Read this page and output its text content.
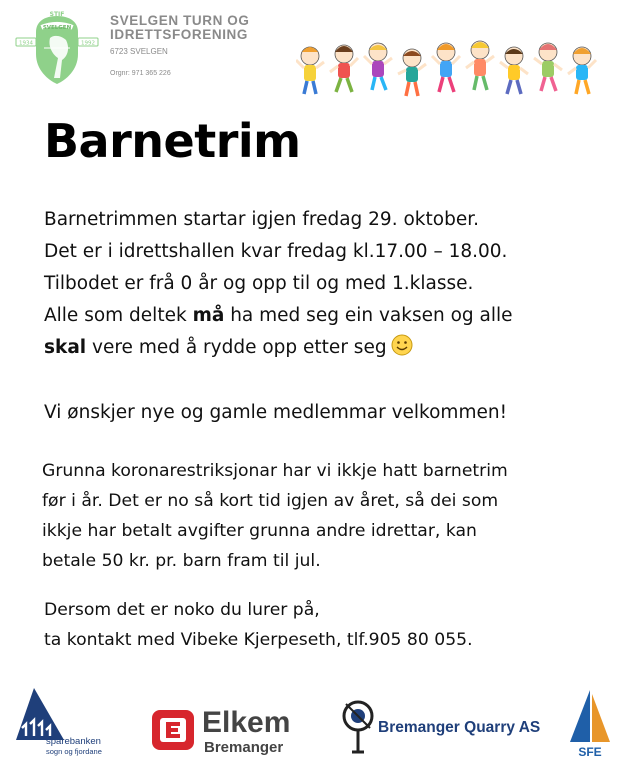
1934	1992
SVELGEN
STIF	SVELGEN TURN OG
IDRETTSFORENING
6723 SVELGEN
Orgnr: 971 365 226
Barnetrim
Barnetrimmen startar igjen fredag 29. oktober.
Det er i idrettshallen kvar fredag kl.17.00 – 18.00.
Tilbodet er frå 0 år og opp til og med 1.klasse.
Alle som deltek må ha med seg ein vaksen og alle
skal vere med å rydde opp etter seg
Vi ønskjer nye og gamle medlemmar velkommen!
Grunna koronarestriksjonar har vi ikkje hatt barnetrim
før i år. Det er no så kort tid igjen av året, så dei som
ikkje har betalt avgifter grunna andre idrettar, kan
betale 50 kr. pr. barn fram til jul.
Dersom det er noko du lurer på,
ta kontakt med Vibeke Kjerpeseth, tlf.905 80 055.
sparebanken
sogn og fjordane
Elkem
Bremanger
Bremanger Quarry AS
SFE
